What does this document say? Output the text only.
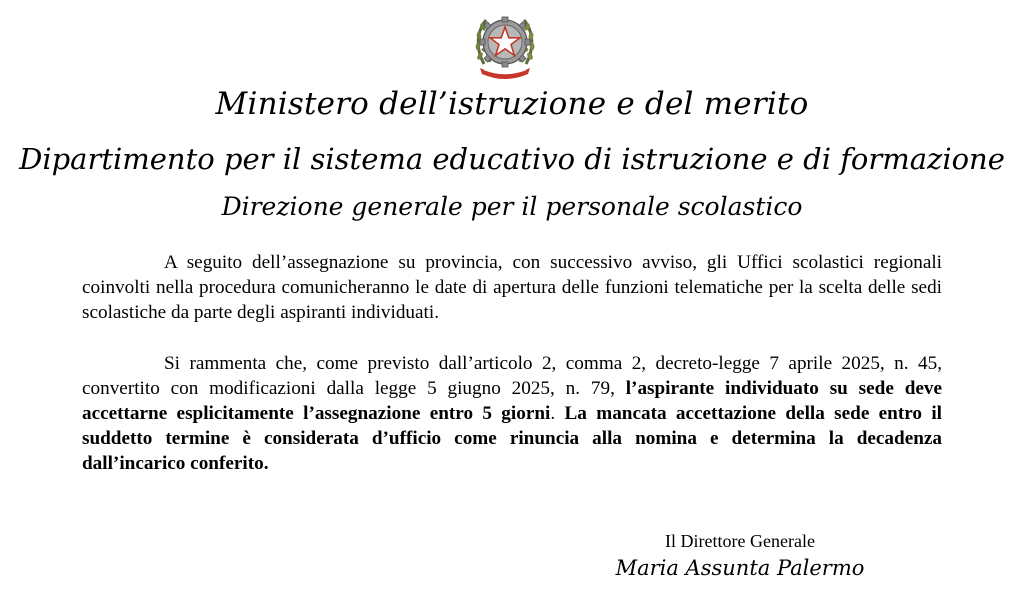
Ministero dell’istruzione e del merito
Dipartimento per il sistema educativo di istruzione e di formazione
Direzione generale per il personale scolastico
A seguito dell’assegnazione su provincia, con successivo avviso, gli Uffici scolastici regionali coinvolti nella procedura comunicheranno le date di apertura delle funzioni telematiche per la scelta delle sedi scolastiche da parte degli aspiranti individuati.
Si rammenta che, come previsto dall’articolo 2, comma 2, decreto-legge 7 aprile 2025, n. 45, convertito con modificazioni dalla legge 5 giugno 2025, n. 79, l’aspirante individuato su sede deve accettarne esplicitamente l’assegnazione entro 5 giorni. La mancata accettazione della sede entro il suddetto termine è considerata d’ufficio come rinuncia alla nomina e determina la decadenza dall’incarico conferito.
Il Direttore Generale
Maria Assunta Palermo
